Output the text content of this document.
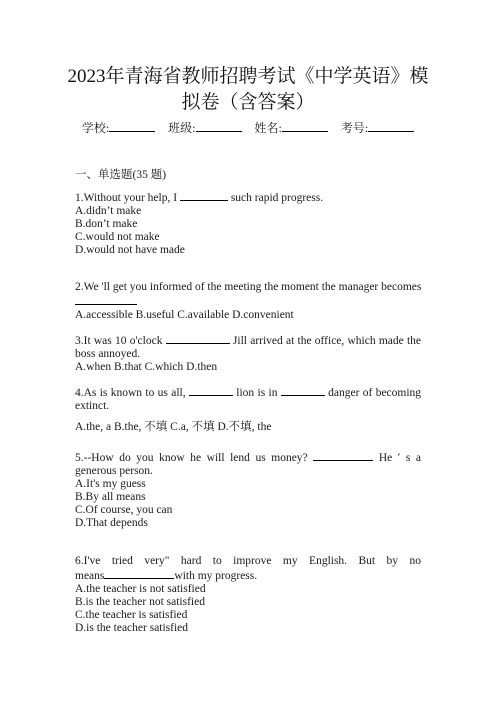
2023年青海省教师招聘考试《中学英语》模
拟卷（含答案）
学校:	班级:	姓名:	考号:
一、单选题(35 题)
1.Without your help, I	such rapid progress.
A.didn’t make
B.don’t make
C.would not make
D.would not have made
2.We 'll get you informed of the meeting the moment the manager becomes
A.accessible B.useful C.available D.convenient
3.It was 10 o'clock	Jill arrived at the office, which made the
boss annoyed.
A.when B.that C.which D.then
4.As is known to us all,	lion is in	danger of becoming
extinct.
A.the, a B.the, 不填 C.a, 不填 D.不填, the
5.--How do you know he will lend us money?	He ′ s a
generous person.
A.It's my guess
B.By all means
C.Of course, you can
D.That depends
6.I've tried very" hard to improve my English. But by no
means	with my progress.
A.the teacher is not satisfied
B.is the teacher not satisfied
C.the teacher is satisfied
D.is the teacher satisfied
